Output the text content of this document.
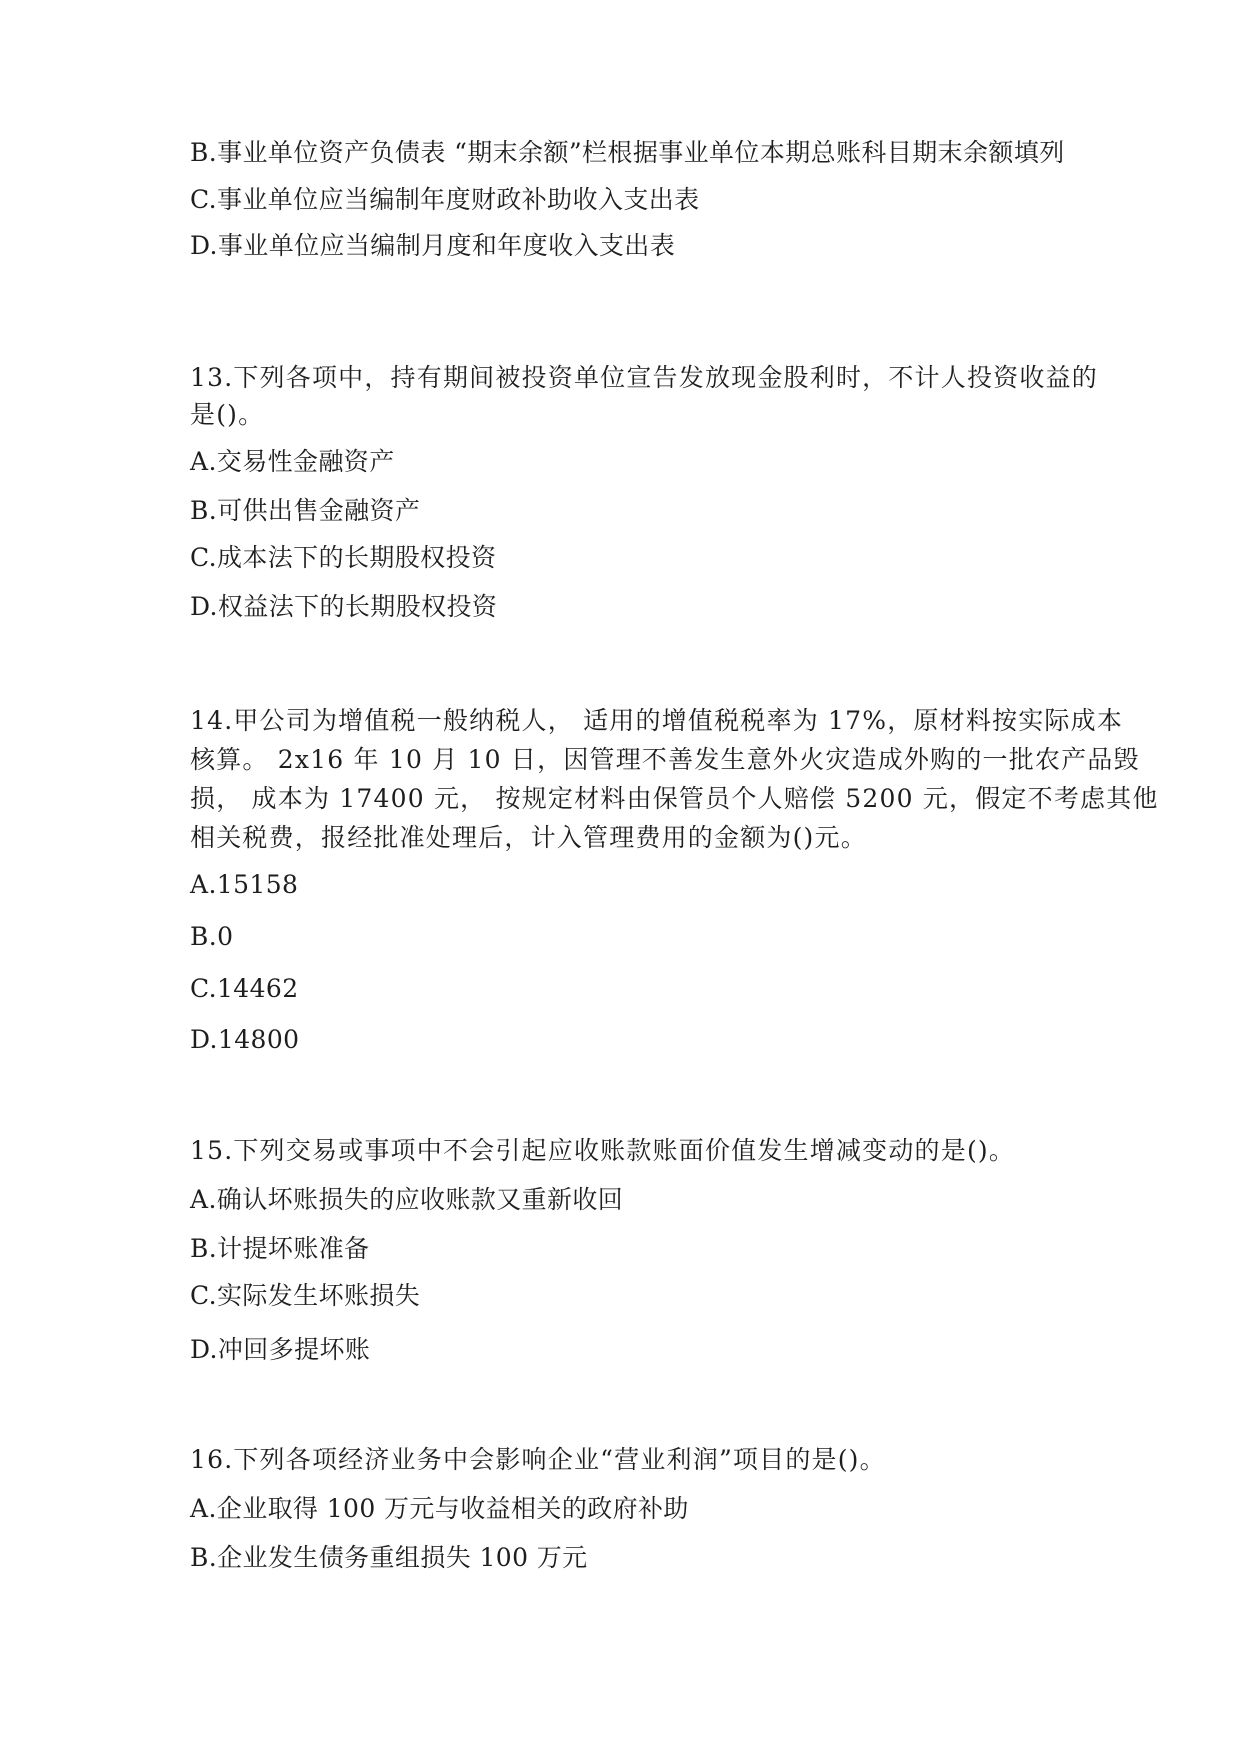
B.事业单位资产负债表 “期末余额”栏根据事业单位本期总账科目期末余额填列
C.事业单位应当编制年度财政补助收入支出表
D.事业单位应当编制月度和年度收入支出表
13.下列各项中，持有期间被投资单位宣告发放现金股利时，不计人投资收益的
是()。
A.交易性金融资产
B.可供出售金融资产
C.成本法下的长期股权投资
D.权益法下的长期股权投资
14.甲公司为增值税一般纳税人， 适用的增值税税率为 17%，原材料按实际成本
核算。 2x16 年 10 月 10 日，因管理不善发生意外火灾造成外购的一批农产品毁
损， 成本为 17400 元， 按规定材料由保管员个人赔偿 5200 元，假定不考虑其他
相关税费，报经批准处理后，计入管理费用的金额为()元。
A.15158
B.0
C.14462
D.14800
15.下列交易或事项中不会引起应收账款账面价值发生增减变动的是()。
A.确认坏账损失的应收账款又重新收回
B.计提坏账准备
C.实际发生坏账损失
D.冲回多提坏账
16.下列各项经济业务中会影响企业“营业利润”项目的是()。
A.企业取得 100 万元与收益相关的政府补助
B.企业发生债务重组损失 100 万元
